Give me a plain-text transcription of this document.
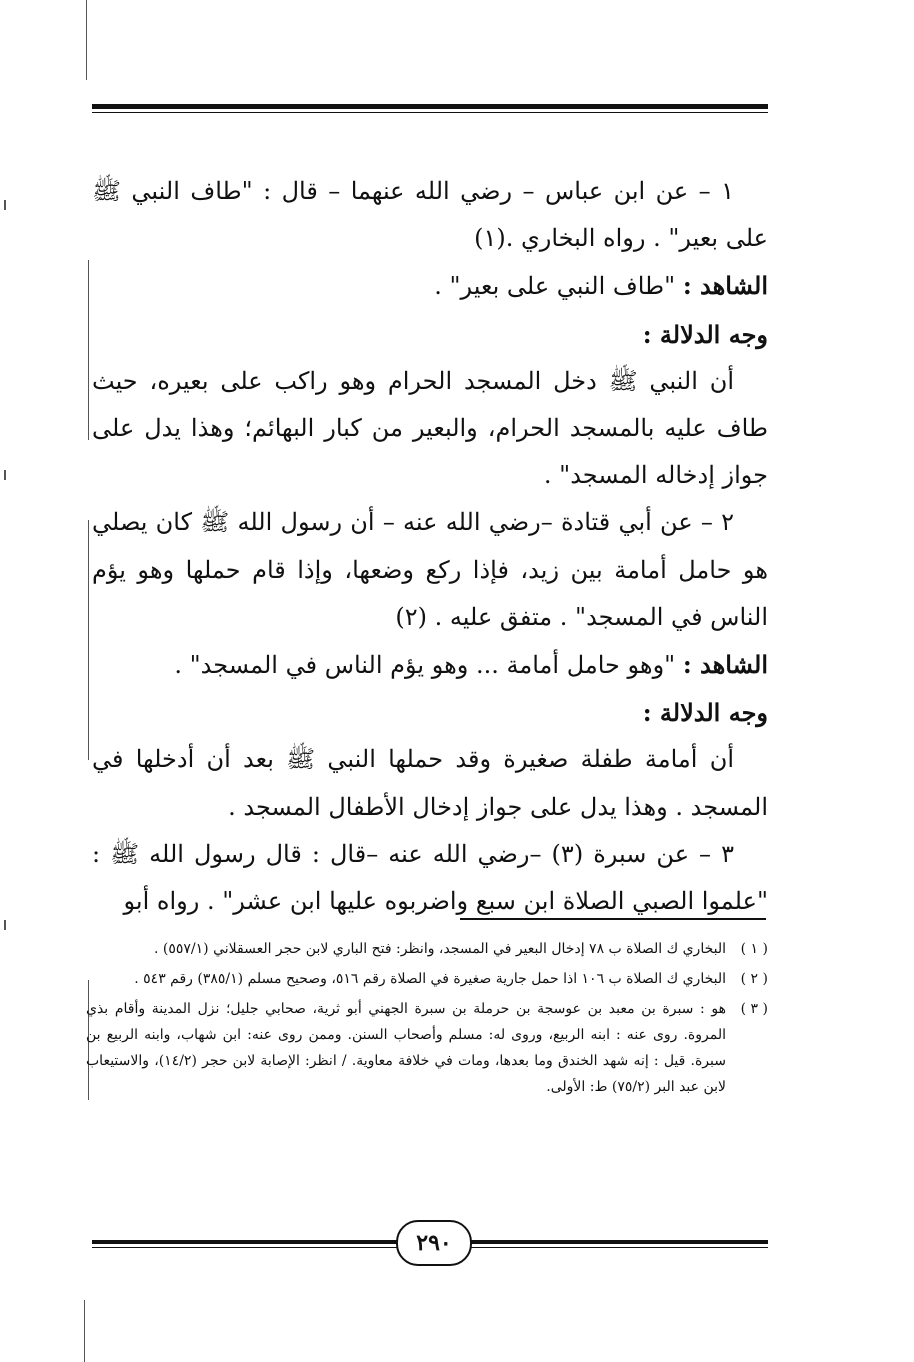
١ – عن ابن عباس – رضي الله عنهما – قال : "طاف النبي ﷺ على بعير" . رواه البخاري .(١)

الشاهد : "طاف النبي على بعير" .

وجه الدلالة :

أن النبي ﷺ دخل المسجد الحرام وهو راكب على بعيره، حيث طاف عليه بالمسجد الحرام، والبعير من كبار البهائم؛ وهذا يدل على جواز إدخاله المسجد" .

٢ – عن أبي قتادة –رضي الله عنه – أن رسول الله ﷺ كان يصلي هو حامل أمامة بين زيد، فإذا ركع وضعها، وإذا قام حملها وهو يؤم الناس في المسجد" . متفق عليه . (٢)

الشاهد : "وهو حامل أمامة ... وهو يؤم الناس في المسجد" .

وجه الدلالة :

أن أمامة طفلة صغيرة وقد حملها النبي ﷺ بعد أن أدخلها في المسجد . وهذا يدل على جواز إدخال الأطفال المسجد .

٣ – عن سبرة (٣) –رضي الله عنه –قال : قال رسول الله ﷺ : "علموا الصبي الصلاة ابن سبع واضربوه عليها ابن عشر" . رواه أبو

( ١ )
البخاري ك الصلاة ب ٧٨ إدخال البعير في المسجد، وانظر: فتح الباري لابن حجر العسقلاني (٥٥٧/١) .
( ٢ )
البخاري ك الصلاة ب ١٠٦ اذا حمل جارية صغيرة في الصلاة رقم ٥١٦، وصحيح مسلم (٣٨٥/١) رقم ٥٤٣ .
( ٣ )
هو : سبرة بن معبد بن عوسجة بن حرملة بن سبرة الجهني أبو ثرية، صحابي جليل؛ نزل المدينة وأقام بذي المروة. روى عنه : ابنه الربيع، وروى له: مسلم وأصحاب السنن. وممن روى عنه: ابن شهاب، وابنه الربيع بن سبرة. قيل : إنه شهد الخندق وما بعدها، ومات في خلافة معاوية. / انظر: الإصابة لابن حجر (١٤/٢)، والاستيعاب لابن عبد البر (٧٥/٢) ط: الأولى.
٢٩٠
